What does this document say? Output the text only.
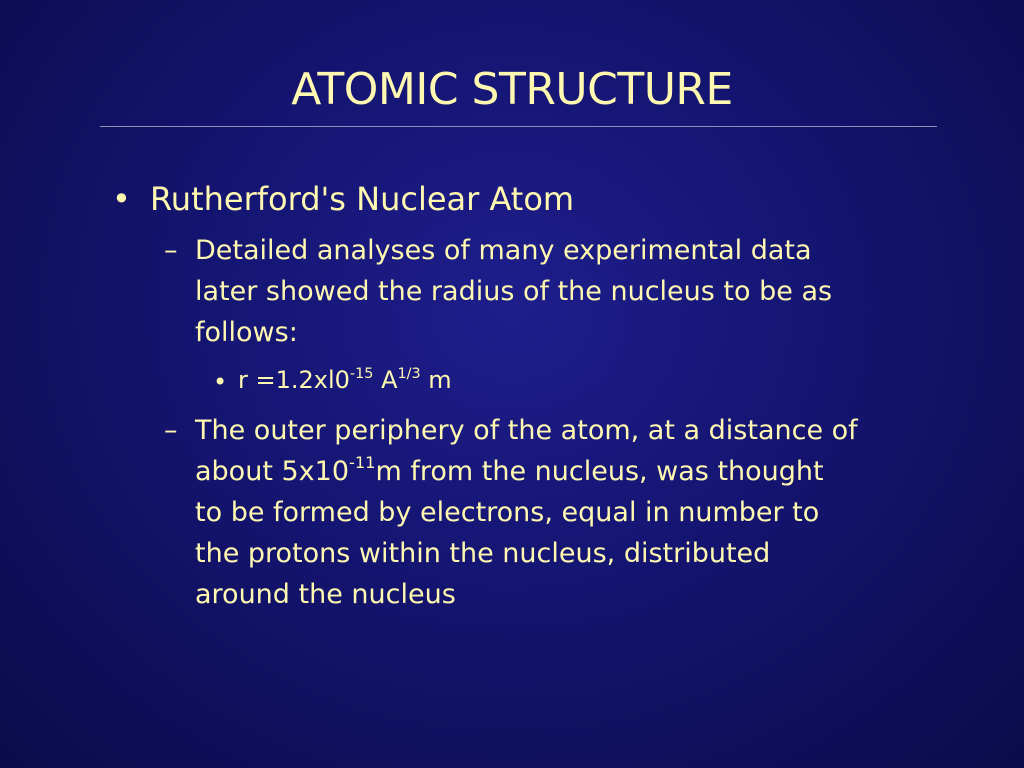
ATOMIC STRUCTURE
• Rutherford's Nuclear Atom
– Detailed analyses of many experimental data
later showed the radius of the nucleus to be as
follows:
• $r =1.2xl0^{-15}$ $A^{1/3}$ m
– The outer periphery of the atom, at a distance of
about $5x10^{-11}m$ from the nucleus, was thought
to be formed by electrons, equal in number to
the protons within the nucleus, distributed
around the nucleus
